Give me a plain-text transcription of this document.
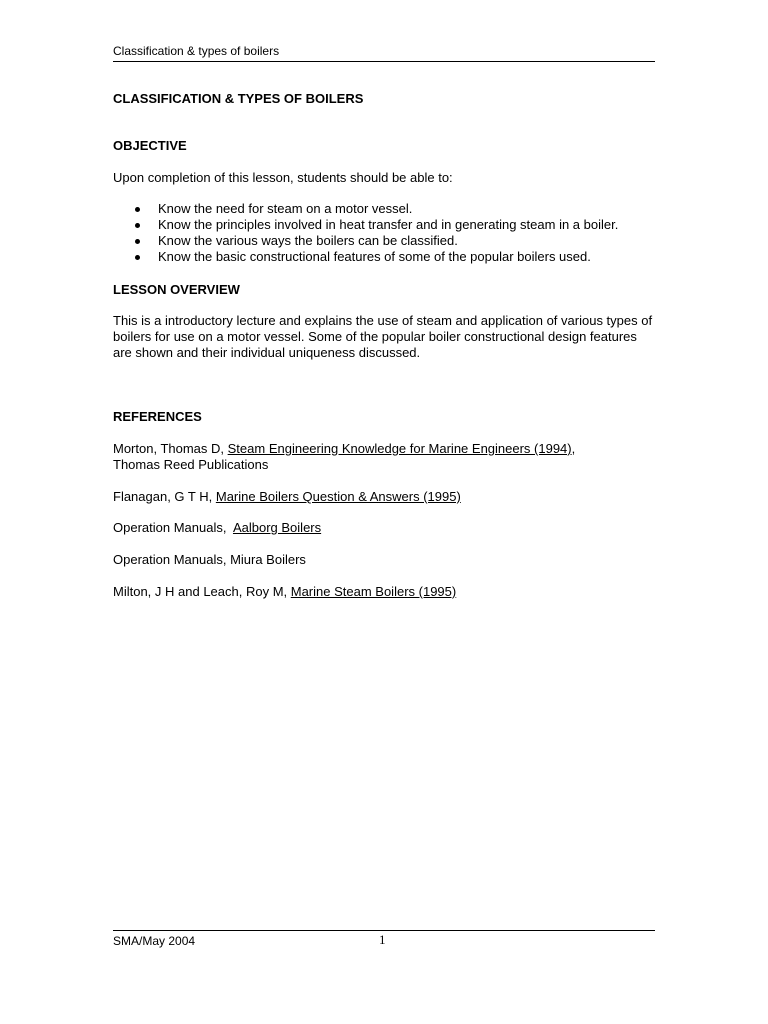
Classification & types of boilers
CLASSIFICATION & TYPES OF BOILERS
OBJECTIVE

Upon completion of this lesson, students should be able to:

Know the need for steam on a motor vessel.
Know the principles involved in heat transfer and in generating steam in a boiler.
Know the various ways the boilers can be classified.
Know the basic constructional features of some of the popular boilers used.
LESSON OVERVIEW

This is a introductory lecture and explains the use of steam and application of various types of boilers for use on a motor vessel. Some of the popular boiler constructional design features are shown and their individual uniqueness discussed.

REFERENCES
Morton, Thomas D, Steam Engineering Knowledge for Marine Engineers (1994),
Thomas Reed Publications
Flanagan, G T H, Marine Boilers Question & Answers (1995)
Operation Manuals,  Aalborg Boilers
Operation Manuals, Miura Boilers
Milton, J H and Leach, Roy M, Marine Steam Boilers (1995)
SMA/May 2004	1
